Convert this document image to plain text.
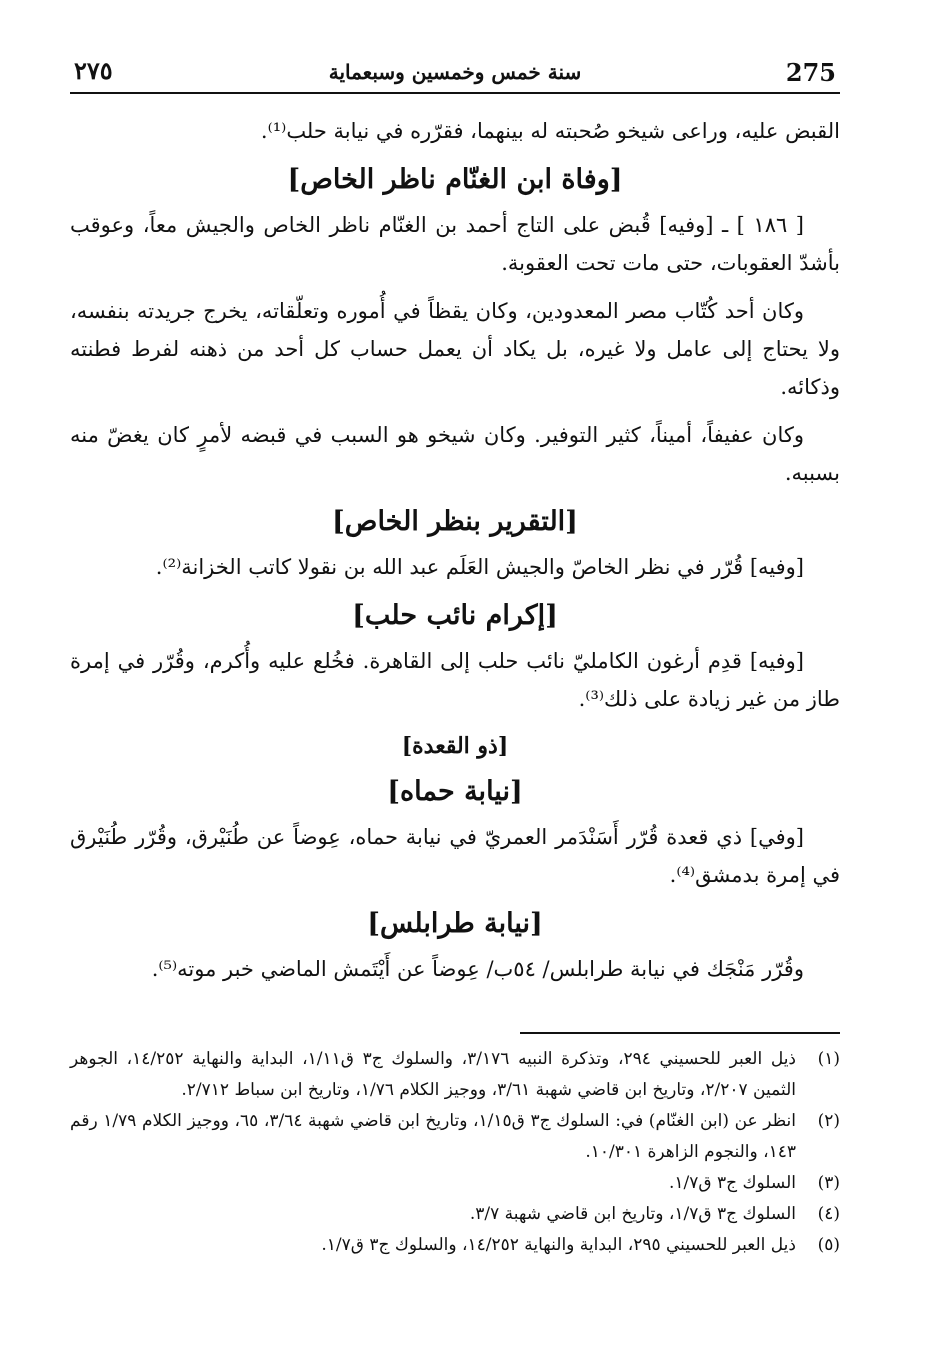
275
سنة خمس وخمسين وسبعماية
٢٧٥

القبض عليه، وراعى شيخو صُحبته له بينهما، فقرّره في نيابة حلب⁽¹⁾.

[وفاة ابن الغنّام ناظر الخاص]

[ ١٨٦ ] ـ [وفيه] قُبض على التاج أحمد بن الغنّام ناظر الخاص والجيش معاً، وعوقب بأشدّ العقوبات، حتى مات تحت العقوبة.

وكان أحد كُتّاب مصر المعدودين، وكان يقظاً في أُموره وتعلّقاته، يخرج جريدته بنفسه، ولا يحتاج إلى عامل ولا غيره، بل يكاد أن يعمل حساب كل أحد من ذهنه لفرط فطنته وذكائه.

وكان عفيفاً، أميناً، كثير التوفير. وكان شيخو هو السبب في قبضه لأمرٍ كان يغضّ منه بسببه.

[التقرير بنظر الخاص]

[وفيه] قُرّر في نظر الخاصّ والجيش العَلَم عبد الله بن نقولا كاتب الخزانة⁽²⁾.

[إكرام نائب حلب]

[وفيه] قدِم أرغون الكامليّ نائب حلب إلى القاهرة. فخُلع عليه وأُكرم، وقُرّر في إمرة طاز من غير زيادة على ذلك⁽³⁾.

[ذو القعدة]
[نيابة حماه]

[وفي] ذي قعدة قُرّر أَسَنْدَمر العمريّ في نيابة حماه، عِوضاً عن طُنَيْرق، وقُرّر طُنَيْرق في إمرة بدمشق⁽⁴⁾.

[نيابة طرابلس]

وقُرّر مَنْجَك في نيابة طرابلس/ ٥٤ب/ عِوضاً عن أَيْتَمش الماضي خبر موته⁽⁵⁾.

(١)
ذيل العبر للحسيني ٢٩٤، وتذكرة النبيه ٣/١٧٦، والسلوك ج٣ ق١/١١، البداية والنهاية ١٤/٢٥٢، الجوهر الثمين ٢/٢٠٧، وتاريخ ابن قاضي شهبة ٣/٦١، ووجيز الكلام ١/٧٦، وتاريخ ابن سباط ٢/٧١٢.
(٢)
انظر عن (ابن الغنّام) في: السلوك ج٣ ق١/١٥، وتاريخ ابن قاضي شهبة ٣/٦٤، ٦٥، ووجيز الكلام ١/٧٩ رقم ١٤٣، والنجوم الزاهرة ١٠/٣٠١.
(٣)
السلوك ج٣ ق١/٧.
(٤)
السلوك ج٣ ق١/٧، وتاريخ ابن قاضي شهبة ٣/٧.
(٥)
ذيل العبر للحسيني ٢٩٥، البداية والنهاية ١٤/٢٥٢، والسلوك ج٣ ق١/٧.
